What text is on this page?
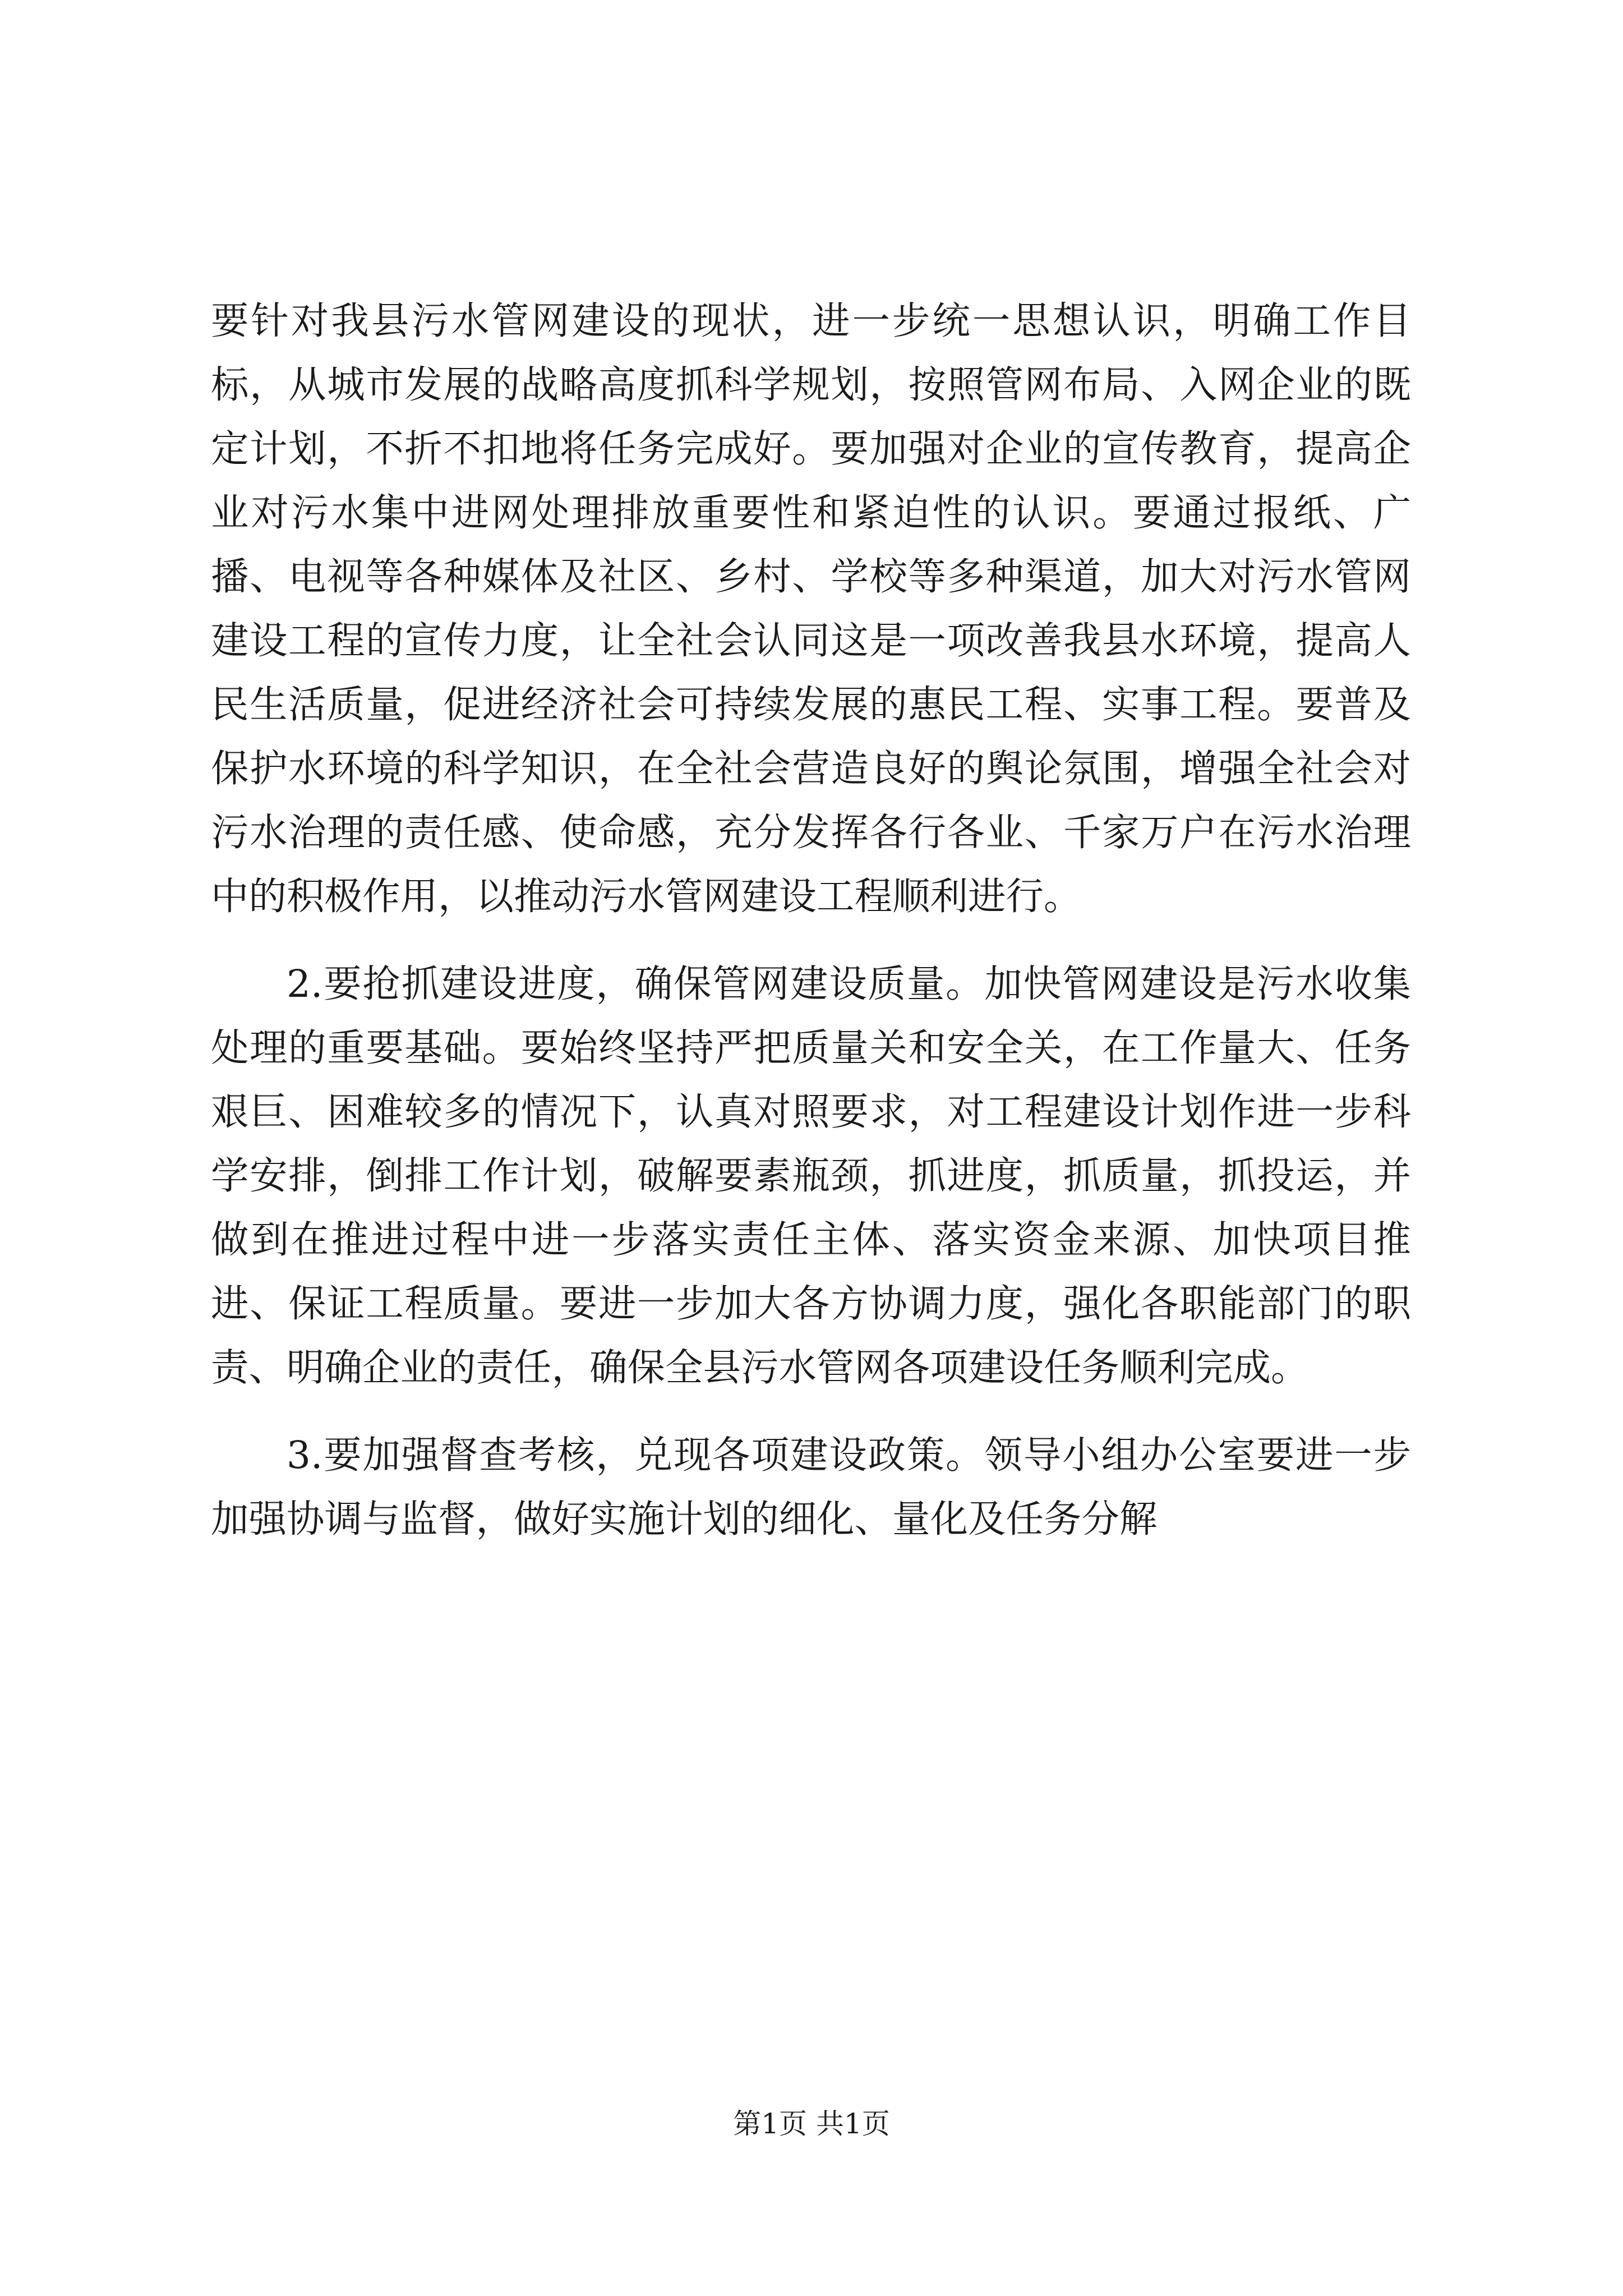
要针对我县污水管网建设的现状，进一步统一思想认识，明确工作目标，从城市发展的战略高度抓科学规划，按照管网布局、入网企业的既定计划，不折不扣地将任务完成好。要加强对企业的宣传教育，提高企业对污水集中进网处理排放重要性和紧迫性的认识。要通过报纸、广播、电视等各种媒体及社区、乡村、学校等多种渠道，加大对污水管网建设工程的宣传力度，让全社会认同这是一项改善我县水环境，提高人民生活质量，促进经济社会可持续发展的惠民工程、实事工程。要普及保护水环境的科学知识，在全社会营造良好的舆论氛围，增强全社会对污水治理的责任感、使命感，充分发挥各行各业、千家万户在污水治理中的积极作用，以推动污水管网建设工程顺利进行。

2.要抢抓建设进度，确保管网建设质量。加快管网建设是污水收集处理的重要基础。要始终坚持严把质量关和安全关，在工作量大、任务艰巨、困难较多的情况下，认真对照要求，对工程建设计划作进一步科学安排，倒排工作计划，破解要素瓶颈，抓进度，抓质量，抓投运，并做到在推进过程中进一步落实责任主体、落实资金来源、加快项目推进、保证工程质量。要进一步加大各方协调力度，强化各职能部门的职责、明确企业的责任，确保全县污水管网各项建设任务顺利完成。

3.要加强督查考核，兑现各项建设政策。领导小组办公室要进一步加强协调与监督，做好实施计划的细化、量化及任务分解

第1页 共1页
